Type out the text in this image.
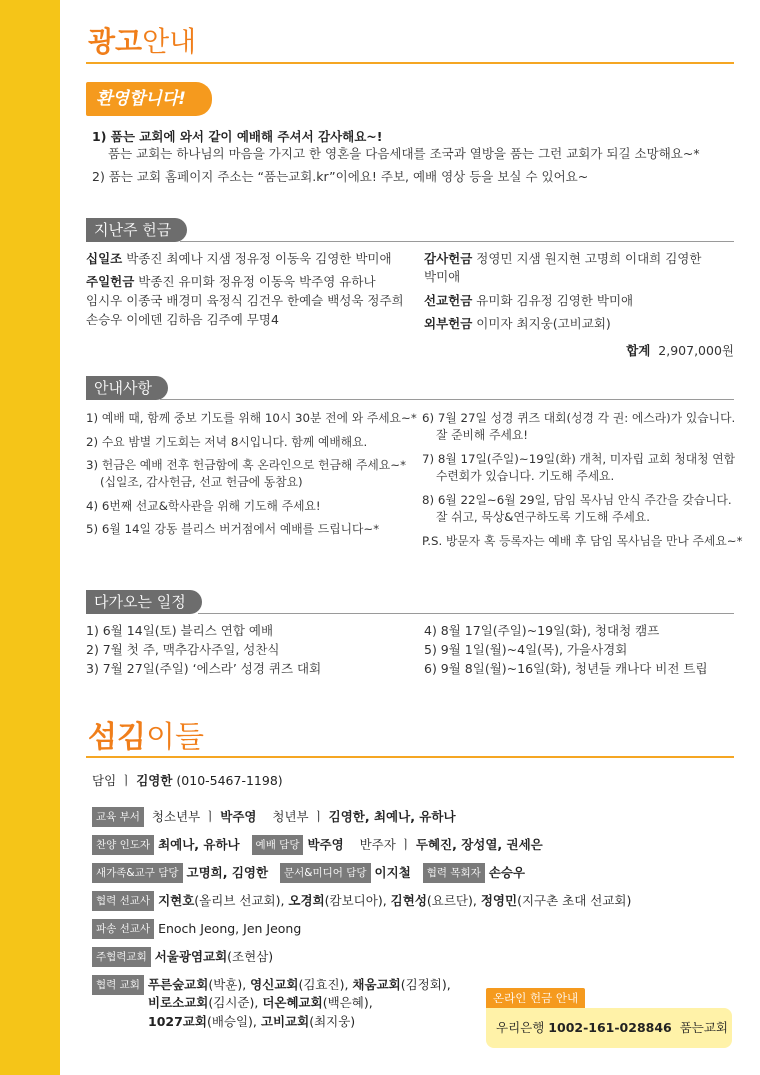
광고안내
환영합니다!
1) 품는 교회에 와서 같이 예배해 주셔서 감사해요~!
품는 교회는 하나님의 마음을 가지고 한 영혼을 다음세대를 조국과 열방을 품는 그런 교회가 되길 소망해요~*
2) 품는 교회 홈페이지 주소는 “품는교회.kr”이에요! 주보, 예배 영상 등을 보실 수 있어요~
지난주 헌금
십일조 박종진 최예나 지샘 정유정 이동욱 김영한 박미애
주일헌금 박종진 유미화 정유정 이동욱 박주영 유하나
임시우 이종국 배경미 육정식 김건우 한예슬 백성욱 정주희
손승우 이에덴 김하음 김주예 무명4
감사헌금 정영민 지샘 원지현 고명희 이대희 김영한
박미애
선교헌금 유미화 김유정 김영한 박미애
외부헌금 이미자 최지웅(고비교회)
합계 2,907,000원
안내사항
1) 예배 때, 함께 중보 기도를 위해 10시 30분 전에 와 주세요~*
2) 수요 밤별 기도회는 저녁 8시입니다. 함께 예배해요.
3) 헌금은 예배 전후 헌금함에 혹 온라인으로 헌금해 주세요~*
(십일조, 감사헌금, 선교 헌금에 동참요)
4) 6번째 선교&학사관을 위해 기도해 주세요!
5) 6월 14일 강동 블리스 버거점에서 예배를 드립니다~*
6) 7월 27일 성경 퀴즈 대회(성경 각 권: 에스라)가 있습니다.
잘 준비해 주세요!
7) 8월 17일(주일)~19일(화) 개척, 미자립 교회 청대청 연합
수련회가 있습니다. 기도해 주세요.
8) 6월 22일~6월 29일, 담임 목사님 안식 주간을 갖습니다.
잘 쉬고, 묵상&연구하도록 기도해 주세요.
P.S. 방문자 혹 등록자는 예배 후 담임 목사님을 만나 주세요~*
다가오는 일정
1) 6월 14일(토) 블리스 연합 예배
2) 7월 첫 주, 맥추감사주일, 성찬식
3) 7월 27일(주일) ‘에스라’ 성경 퀴즈 대회
4) 8월 17일(주일)~19일(화), 청대청 캠프
5) 9월 1일(월)~4일(목), 가을사경회
6) 9월 8일(월)~16일(화), 청년들 캐나다 비전 트립
섬김이들
담임 ㅣ 김영한 (010-5467-1198)
교육 부서 청소년부 ㅣ 박주영 청년부 ㅣ 김영한, 최예나, 유하나
찬양 인도자 최예나, 유하나 예배 담당 박주영 반주자 ㅣ 두혜진, 장성열, 권세은
새가족&교구 담당 고명희, 김영한 문서&미디어 담당 이지철 협력 목회자 손승우
협력 선교사 지현호(올리브 선교회), 오경희(캄보디아), 김현성(요르단), 정영민(지구촌 초대 선교회)
파송 선교사 Enoch Jeong, Jen Jeong
주협력교회 서울광염교회(조현삼)
협력 교회 푸른숲교회(박훈), 영신교회(김효진), 채움교회(김정회),
비로소교회(김시준), 더온혜교회(백은혜),
1027교회(배승일), 고비교회(최지웅)
온라인 헌금 안내
우리은행 1002-161-028846 품는교회
